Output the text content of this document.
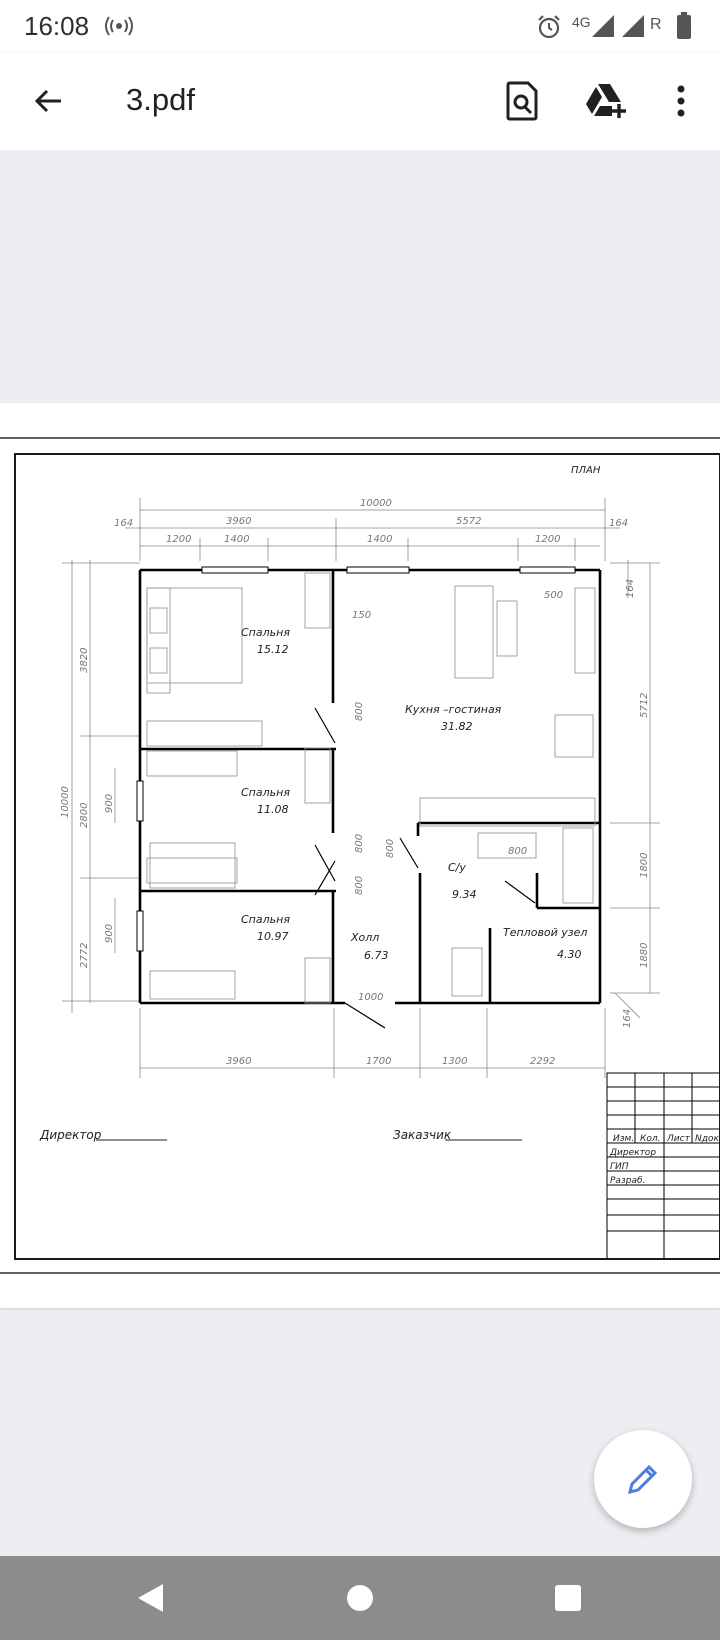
16:08	4G	R
3.pdf
ПЛАН
10000
164	3960	5572	164
1200	1400	1400	1200
10000
3820
2800
2772
900
900
164
5712
1800
1880
3960	1700	1300	2292
164
150
800
800
800
800	800
1000
500
Спальня
15.12
Спальня
11.08
Спальня
10.97
Кухня –гостиная
31.82
С/у
9.34
Холл
6.73
Тепловой узел
4.30
Директор	Заказчик	Изм. Кол. Лист Nдок
Директор
ГИП
Разраб.
